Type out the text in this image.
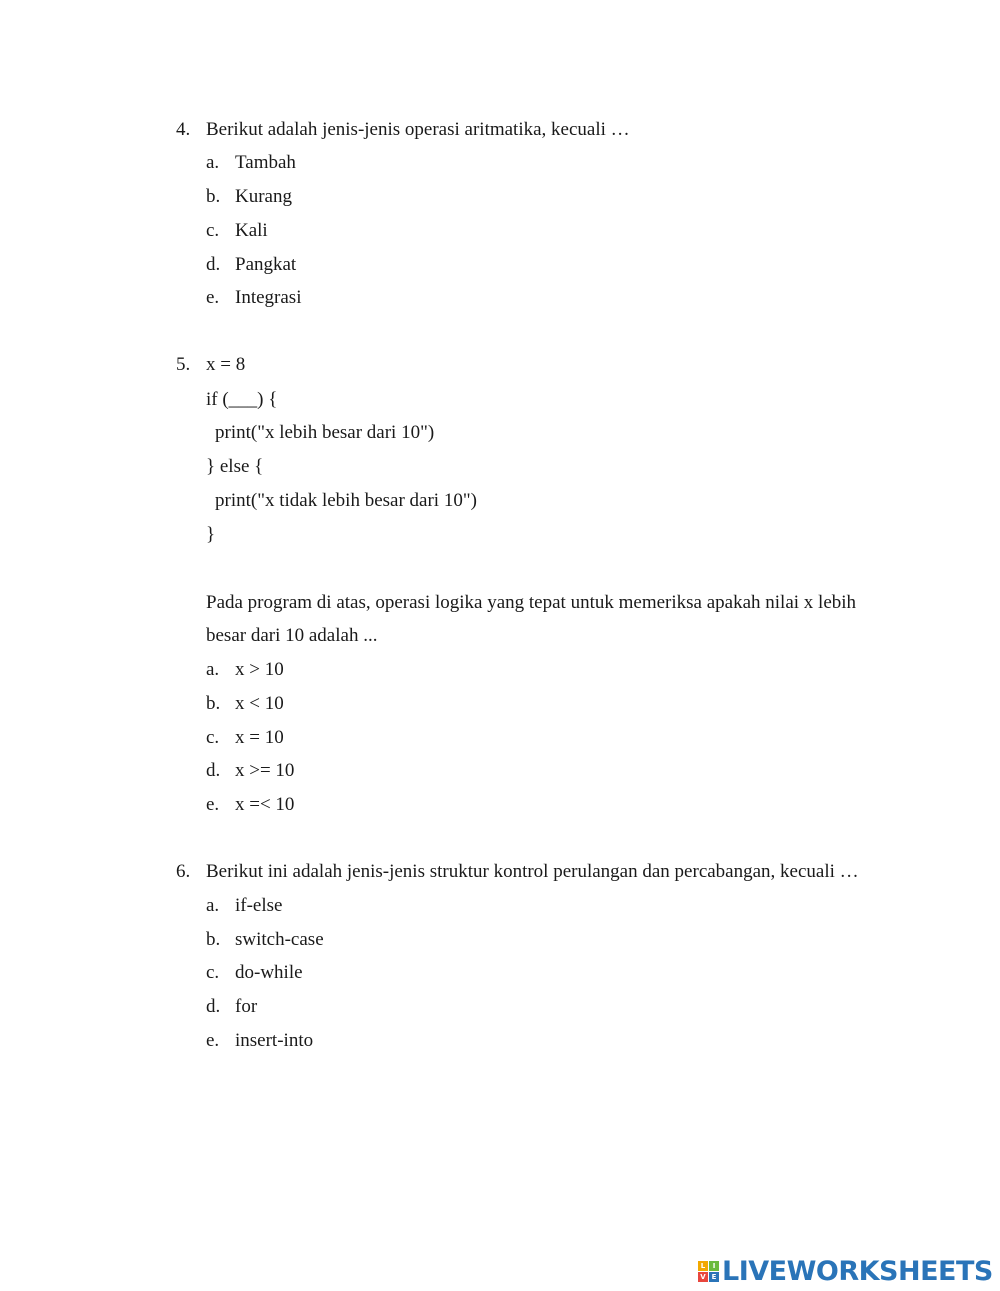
4. Berikut adalah jenis-jenis operasi aritmatika, kecuali …
a. Tambah
b. Kurang
c. Kali
d. Pangkat
e. Integrasi
5. x = 8
if (___) {
print("x lebih besar dari 10")
} else {
print("x tidak lebih besar dari 10")
}
Pada program di atas, operasi logika yang tepat untuk memeriksa apakah nilai x lebih
besar dari 10 adalah ...
a. x > 10
b. x < 10
c. x = 10
d. x >= 10
e. x =< 10
6. Berikut ini adalah jenis-jenis struktur kontrol perulangan dan percabangan, kecuali …
a. if-else
b. switch-case
c. do-while
d. for
e. insert-into
L	I
V E LIVEWORKSHEETS
